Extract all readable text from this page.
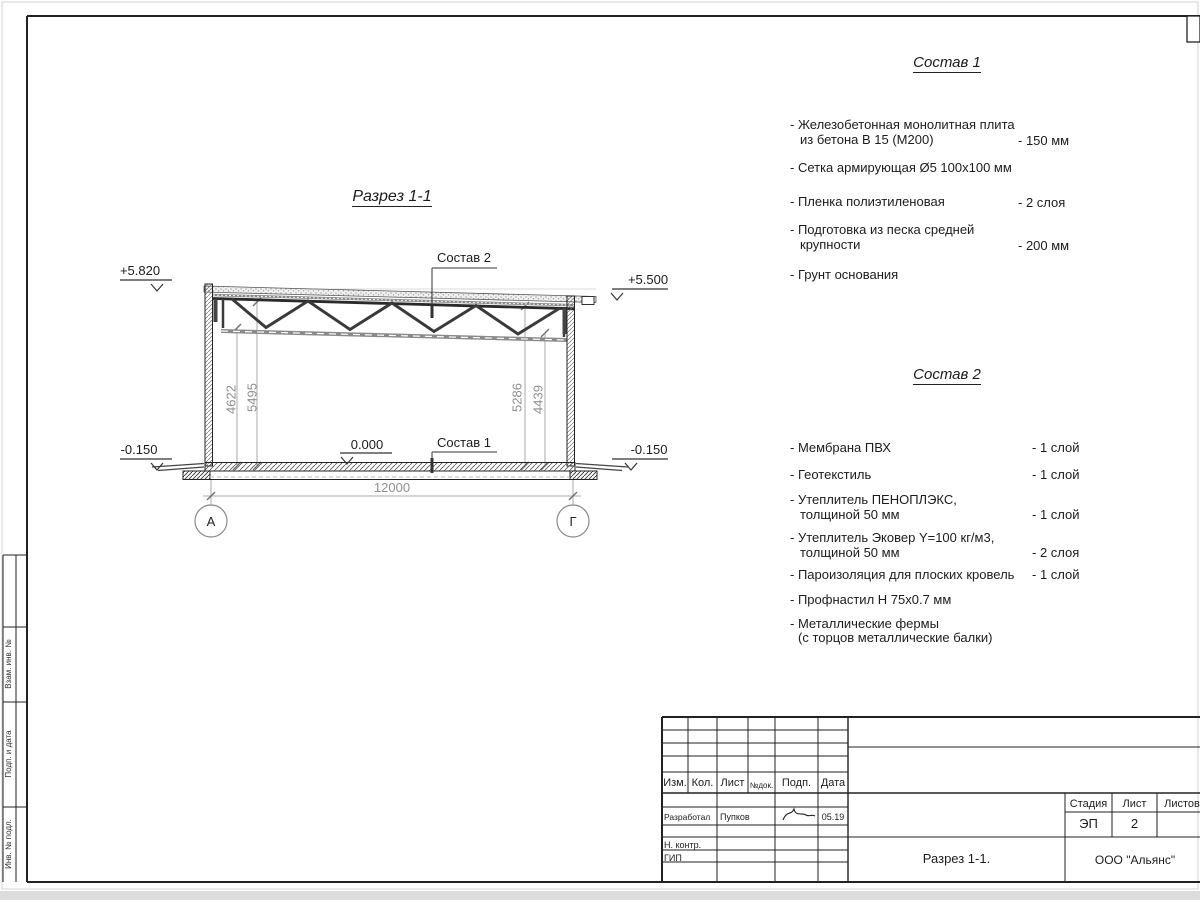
Разрез 1-1
+5.820
+5.500
-0.150	-0.150
0.000
Состав 2
Состав 1
4622 5495	5286 4439
12000
А	Г
Состав 1
- Железобетонная монолитная плита
из бетона В 15 (М200)	- 150 мм
- Сетка армирующая Ø5 100х100 мм
- Пленка полиэтиленовая	- 2 слоя
- Подготовка из песка средней
крупности	- 200 мм
- Грунт основания
Состав 2
- Мембрана ПВХ	- 1 слой
- Геотекстиль	- 1 слой
- Утеплитель ПЕНОПЛЭКС,
толщиной 50 мм	- 1 слой
- Утеплитель Эковер Y=100 кг/м3,
толщиной 50 мм	- 2 слоя
- Пароизоляция для плоских кровель - 1 слой
- Профнастил Н 75х0.7 мм
- Металлические фермы
(с торцов металлические балки)
Взам. инв. №
Подп. и дата
Инв. № подл.
Изм. Кол. Лист №док. Подп. Дата
Разработал Пупков	05.19
Н. контр.
ГИП
Стадия	Лист	Листов
ЭП	2
Разрез 1-1.	ООО "Альянс"
